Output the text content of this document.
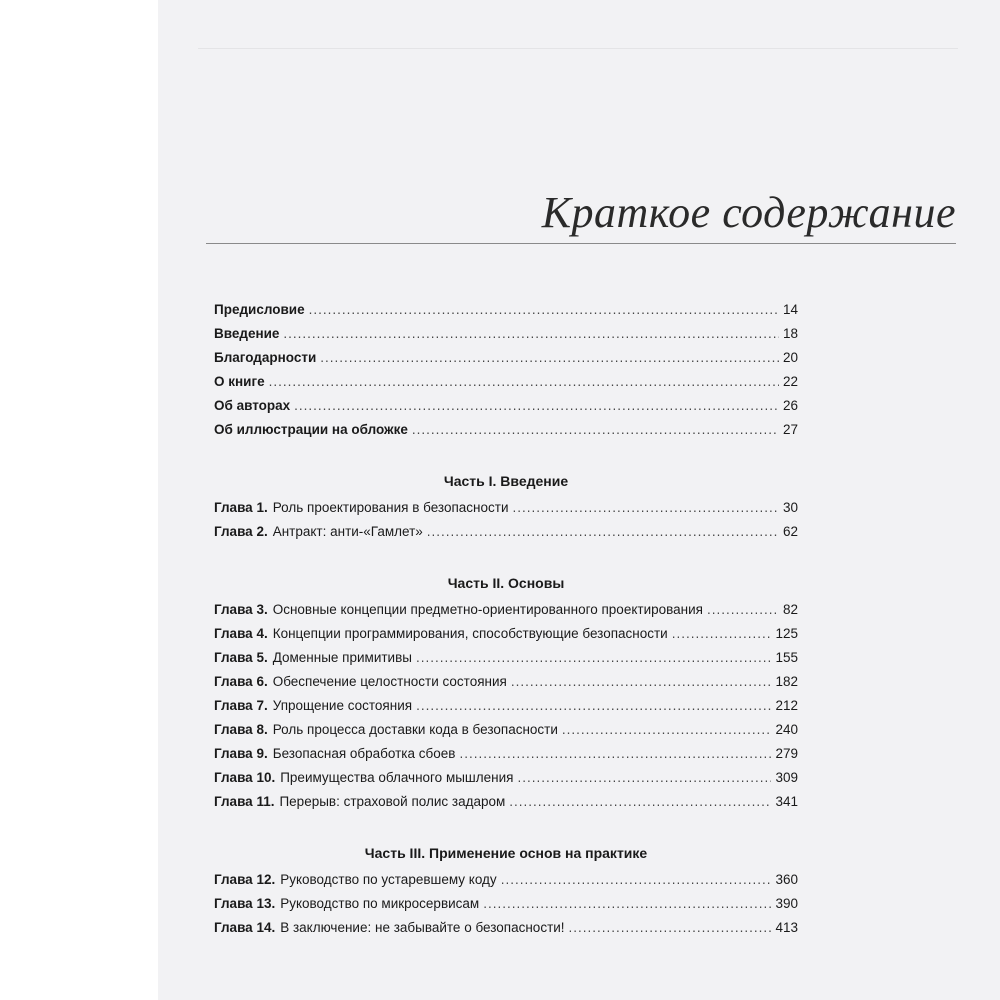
Краткое содержание
Предисловие .....	14
Введение .....	18
Благодарности .....	20
О книге .....	22
Об авторах .....	26
Об иллюстрации на обложке .....	27
Часть I. Введение
Глава 1. Роль проектирования в безопасности .....	30
Глава 2. Антракт: анти-«Гамлет» .....	62
Часть II. Основы
Глава 3. Основные концепции предметно-ориентированного проектирования .....	82
Глава 4. Концепции программирования, способствующие безопасности .....	125
Глава 5. Доменные примитивы .....	155
Глава 6. Обеспечение целостности состояния .....	182
Глава 7. Упрощение состояния .....	212
Глава 8. Роль процесса доставки кода в безопасности .....	240
Глава 9. Безопасная обработка сбоев .....	279
Глава 10. Преимущества облачного мышления .....	309
Глава 11. Перерыв: страховой полис задаром .....	341
Часть III. Применение основ на практике
Глава 12. Руководство по устаревшему коду .....	360
Глава 13. Руководство по микросервисам .....	390
Глава 14. В заключение: не забывайте о безопасности! .....	413
